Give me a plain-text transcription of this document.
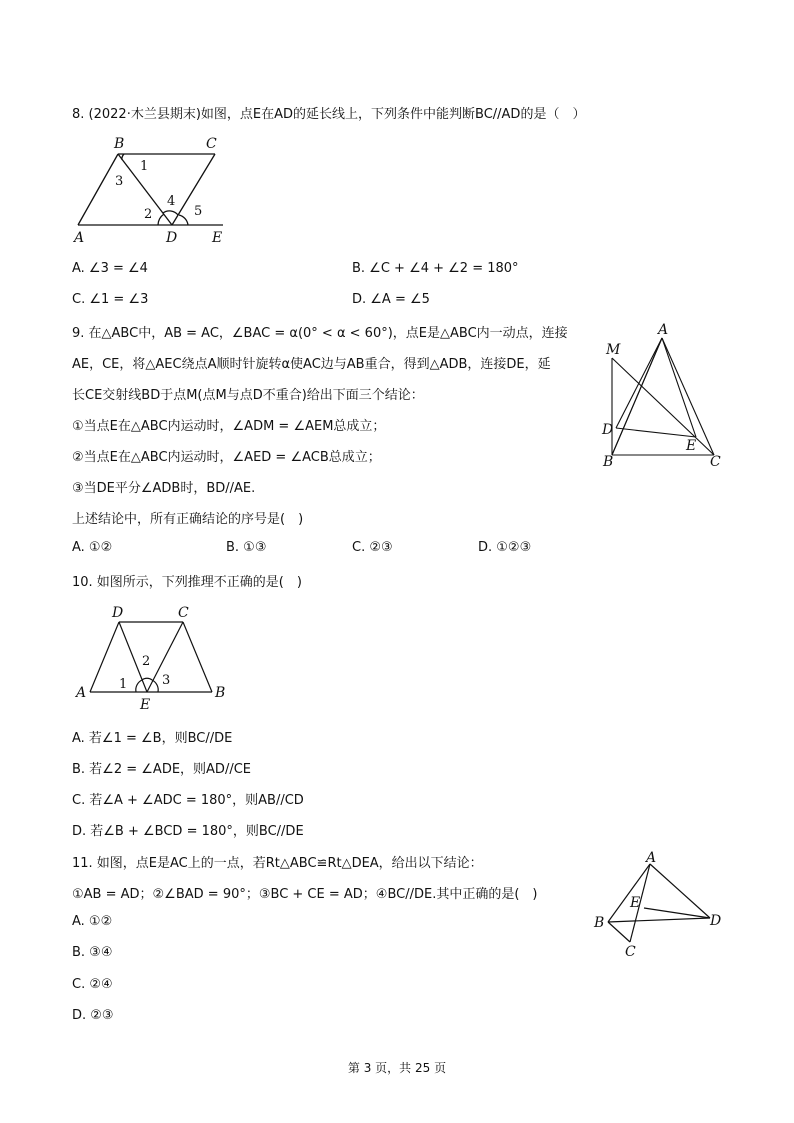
8. (2022·木兰县期末)如图，点E在AD的延长线上，下列条件中能判断BC//AD的是（　）
B	C
1
3
4
2	5
A	D E
A. ∠3 = ∠4	B. ∠C + ∠4 + ∠2 = 180°
C. ∠1 = ∠3	D. ∠A = ∠5
9. 在△ABC中，AB = AC，∠BAC = α(0° < α < 60°)，点E是△ABC内一动点，连接
AE，CE，将△AEC绕点A顺时针旋转α使AC边与AB重合，得到△ADB，连接DE，延
长CE交射线BD于点M(点M与点D不重合)给出下面三个结论：
①当点E在△ABC内运动时，∠ADM = ∠AEM总成立；
②当点E在△ABC内运动时，∠AED = ∠ACB总成立；
③当DE平分∠ADB时，BD//AE.
上述结论中，所有正确结论的序号是(　)
A. ①②	B. ①③	C. ②③	D. ①②③
A
M
D
E
B	C
10. 如图所示，下列推理不正确的是(　)
D	C
2
1	3
A	B
E
A. 若∠1 = ∠B，则BC//DE
B. 若∠2 = ∠ADE，则AD//CE
C. 若∠A + ∠ADC = 180°，则AB//CD
D. 若∠B + ∠BCD = 180°，则BC//DE
11. 如图，点E是AC上的一点，若Rt△ABC≌Rt△DEA，给出以下结论：
①AB = AD；②∠BAD = 90°；③BC + CE = AD；④BC//DE.其中正确的是(　)
A. ①②
B. ③④
C. ②④
D. ②③
A
E
B	D
C
第 3 页，共 25 页
